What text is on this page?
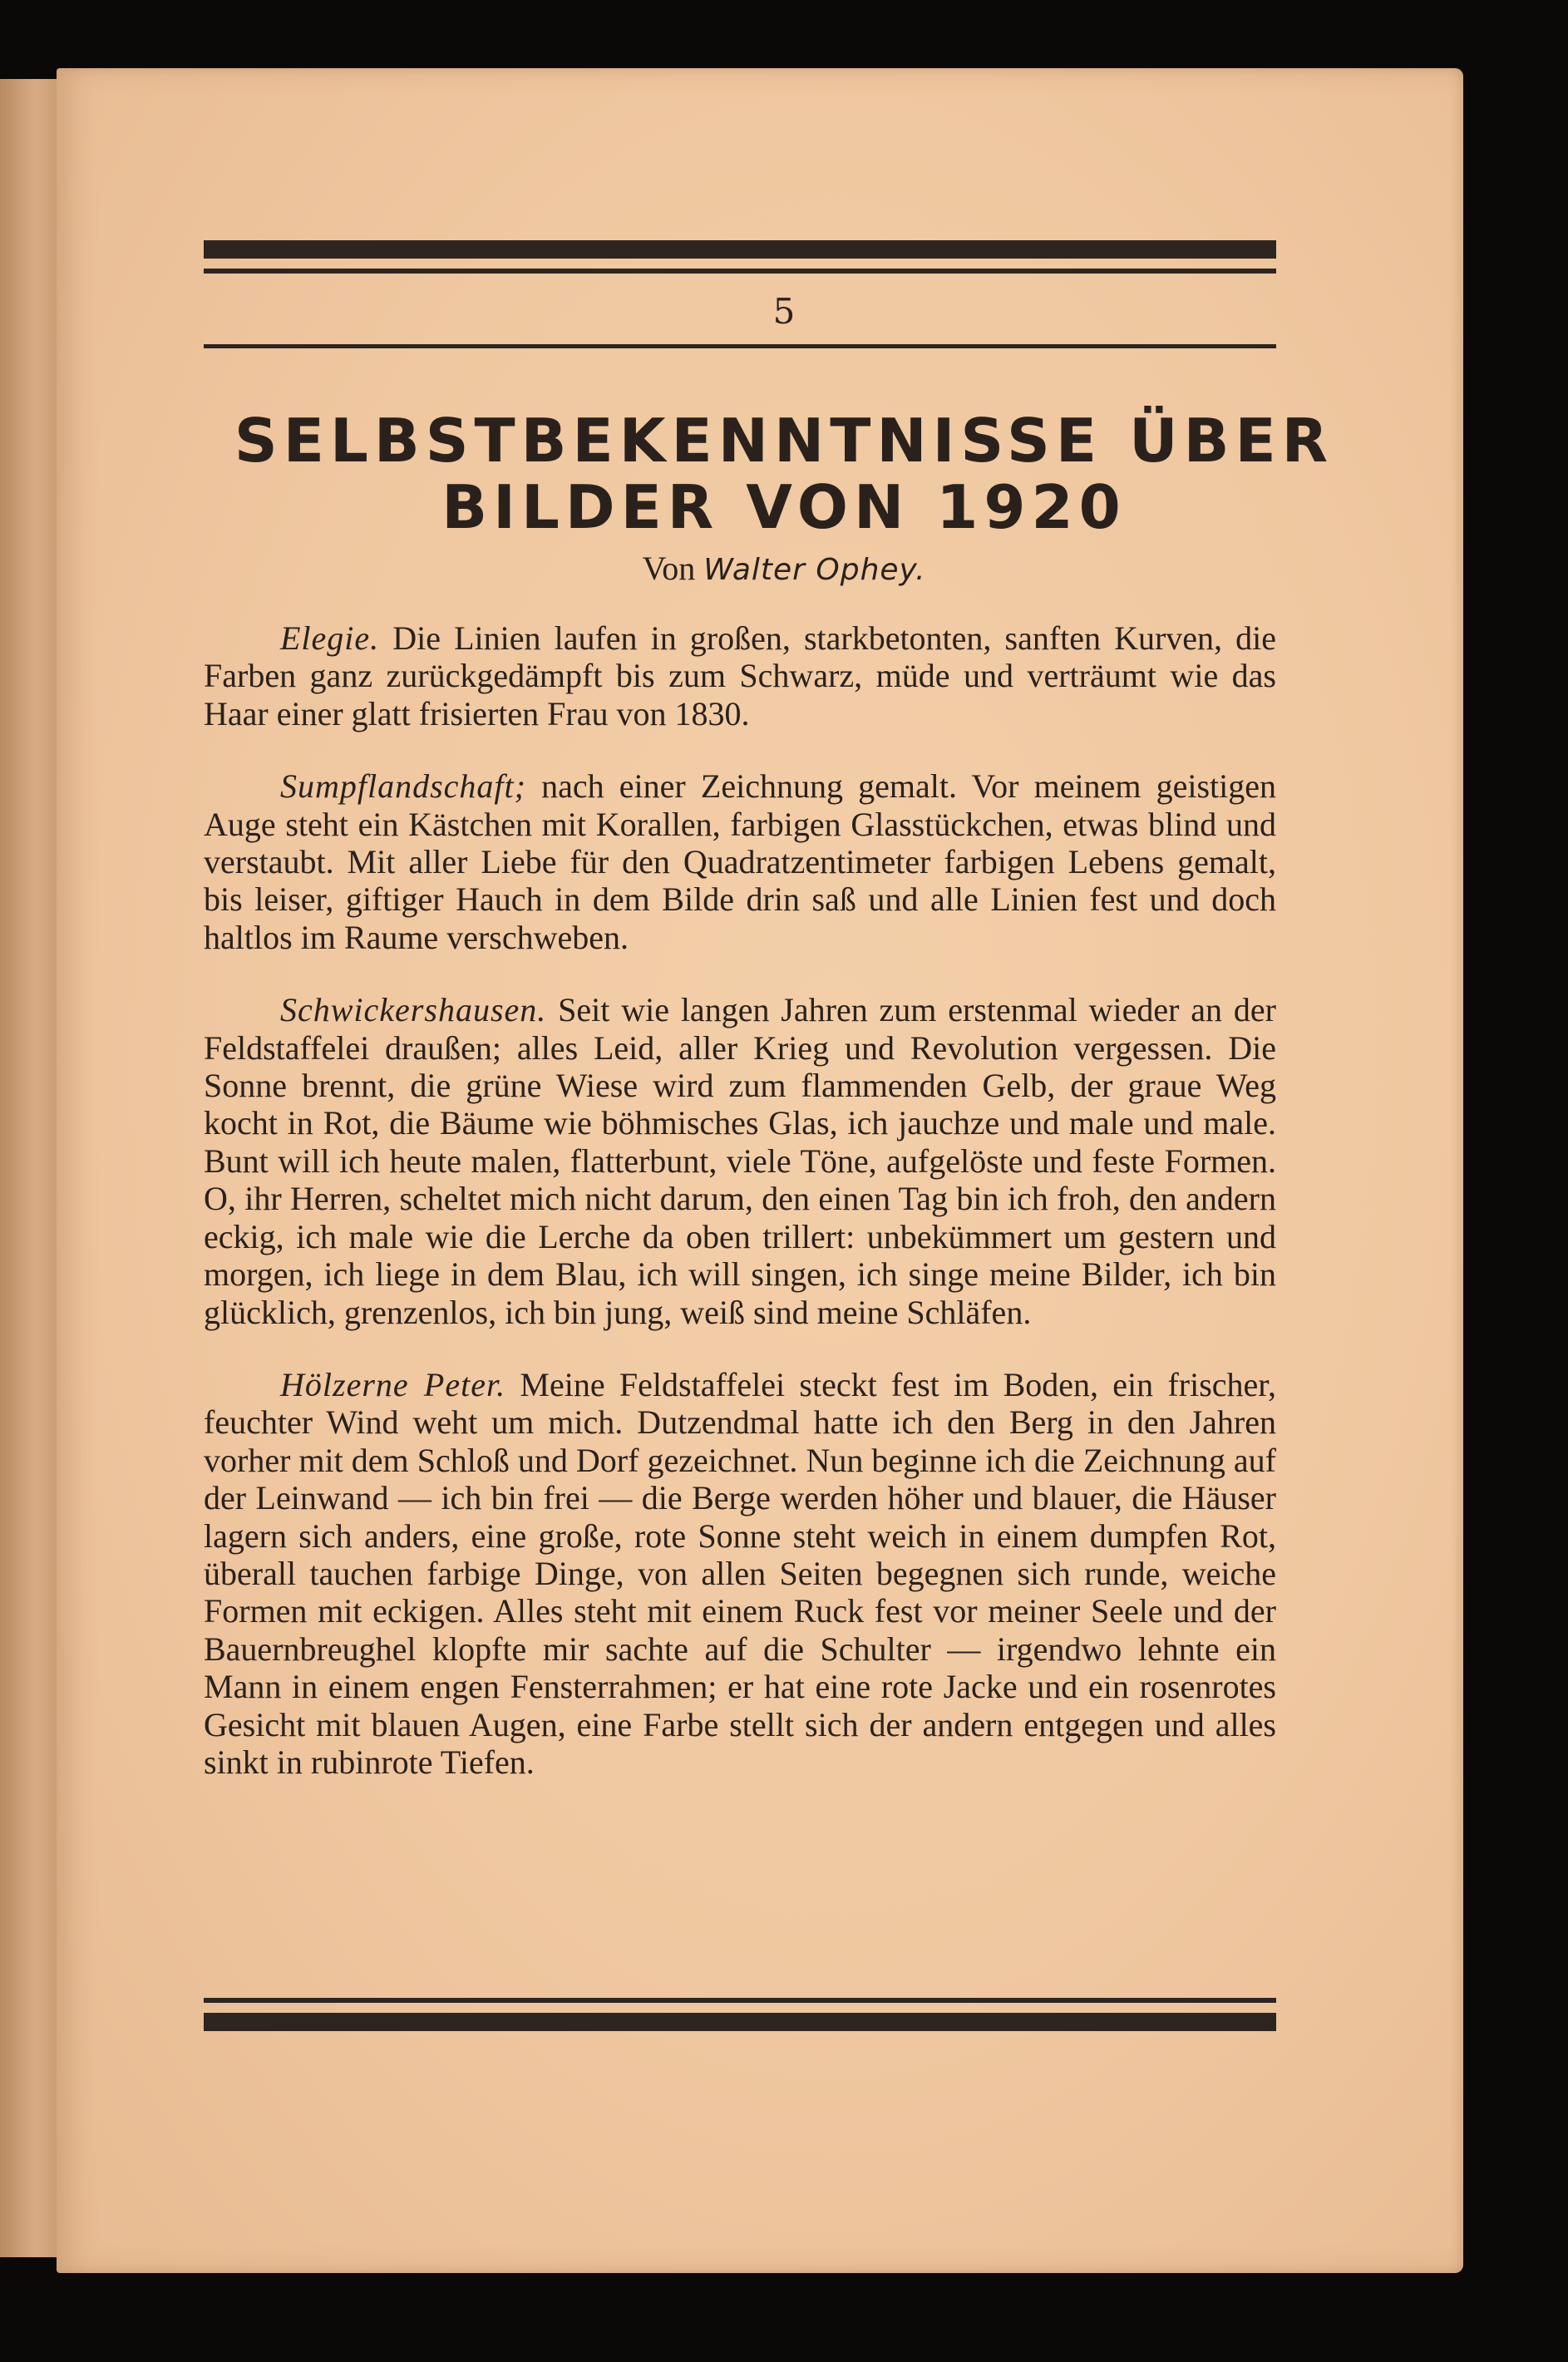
5

SELBSTBEKENNTNISSE ÜBER
BILDER VON 1920

Von Walter Ophey.

Elegie. Die Linien laufen in großen, starkbetonten, sanften Kurven, die Farben ganz zurückgedämpft bis zum Schwarz, müde und verträumt wie das Haar einer glatt frisierten Frau von 1830.

Sumpflandschaft; nach einer Zeichnung gemalt. Vor meinem geistigen Auge steht ein Kästchen mit Korallen, farbigen Glasstückchen, etwas blind und verstaubt. Mit aller Liebe für den Quadratzentimeter farbigen Lebens gemalt, bis leiser, giftiger Hauch in dem Bilde drin saß und alle Linien fest und doch haltlos im Raume verschweben.

Schwickershausen. Seit wie langen Jahren zum erstenmal wieder an der Feldstaffelei draußen; alles Leid, aller Krieg und Revolution vergessen. Die Sonne brennt, die grüne Wiese wird zum flammenden Gelb, der graue Weg kocht in Rot, die Bäume wie böhmisches Glas, ich jauchze und male und male. Bunt will ich heute malen, flatterbunt, viele Töne, aufgelöste und feste Formen. O, ihr Herren, scheltet mich nicht darum, den einen Tag bin ich froh, den andern eckig, ich male wie die Lerche da oben trillert: unbekümmert um gestern und morgen, ich liege in dem Blau, ich will singen, ich singe meine Bilder, ich bin glücklich, grenzenlos, ich bin jung, weiß sind meine Schläfen.

Hölzerne Peter. Meine Feldstaffelei steckt fest im Boden, ein frischer, feuchter Wind weht um mich. Dutzendmal hatte ich den Berg in den Jahren vorher mit dem Schloß und Dorf gezeichnet. Nun beginne ich die Zeichnung auf der Leinwand — ich bin frei — die Berge werden höher und blauer, die Häuser lagern sich anders, eine große, rote Sonne steht weich in einem dumpfen Rot, überall tauchen farbige Dinge, von allen Seiten begegnen sich runde, weiche Formen mit eckigen. Alles steht mit einem Ruck fest vor meiner Seele und der Bauernbreughel klopfte mir sachte auf die Schulter — irgendwo lehnte ein Mann in einem engen Fensterrahmen; er hat eine rote Jacke und ein rosenrotes Gesicht mit blauen Augen, eine Farbe stellt sich der andern entgegen und alles sinkt in rubinrote Tiefen.
